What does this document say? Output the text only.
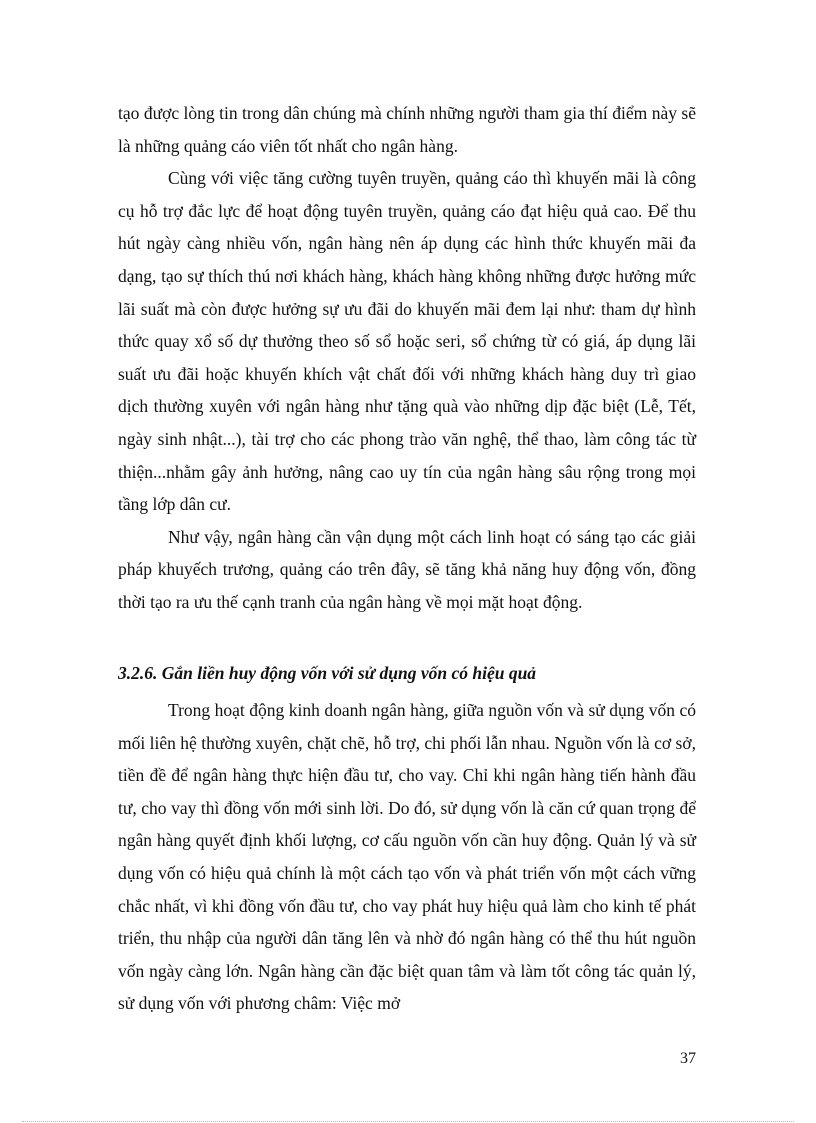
tạo được lòng tin trong dân chúng mà chính những người tham gia thí điểm này sẽ là những quảng cáo viên tốt nhất cho ngân hàng.

Cùng với việc tăng cường tuyên truyền, quảng cáo thì khuyến mãi là công cụ hỗ trợ đắc lực để hoạt động tuyên truyền, quảng cáo đạt hiệu quả cao. Để thu hút ngày càng nhiều vốn, ngân hàng nên áp dụng các hình thức khuyến mãi đa dạng, tạo sự thích thú nơi khách hàng, khách hàng không những được hưởng mức lãi suất mà còn được hưởng sự ưu đãi do khuyến mãi đem lại như: tham dự hình thức quay xổ số dự thưởng theo số sổ hoặc seri, sổ chứng từ có giá, áp dụng lãi suất ưu đãi hoặc khuyến khích vật chất đối với những khách hàng duy trì giao dịch thường xuyên với ngân hàng như tặng quà vào những dịp đặc biệt (Lễ, Tết, ngày sinh nhật...), tài trợ cho các phong trào văn nghệ, thể thao, làm công tác từ thiện...nhằm gây ảnh hưởng, nâng cao uy tín của ngân hàng sâu rộng trong mọi tầng lớp dân cư.

Như vậy, ngân hàng cần vận dụng một cách linh hoạt có sáng tạo các giải pháp khuyếch trương, quảng cáo trên đây, sẽ tăng khả năng huy động vốn, đồng thời tạo ra ưu thế cạnh tranh của ngân hàng về mọi mặt hoạt động.

3.2.6. Gắn liền huy động vốn với sử dụng vốn có hiệu quả

Trong hoạt động kinh doanh ngân hàng, giữa nguồn vốn và sử dụng vốn có mối liên hệ thường xuyên, chặt chẽ, hỗ trợ, chi phối lẫn nhau. Nguồn vốn là cơ sở, tiền đề để ngân hàng thực hiện đầu tư, cho vay. Chỉ khi ngân hàng tiến hành đầu tư, cho vay thì đồng vốn mới sinh lời. Do đó, sử dụng vốn là căn cứ quan trọng để ngân hàng quyết định khối lượng, cơ cấu nguồn vốn cần huy động. Quản lý và sử dụng vốn có hiệu quả chính là một cách tạo vốn và phát triển vốn một cách vững chắc nhất, vì khi đồng vốn đầu tư, cho vay phát huy hiệu quả làm cho kinh tế phát triển, thu nhập của người dân tăng lên và nhờ đó ngân hàng có thể thu hút nguồn vốn ngày càng lớn. Ngân hàng cần đặc biệt quan tâm và làm tốt công tác quản lý, sử dụng vốn với phương châm: Việc mở

37
